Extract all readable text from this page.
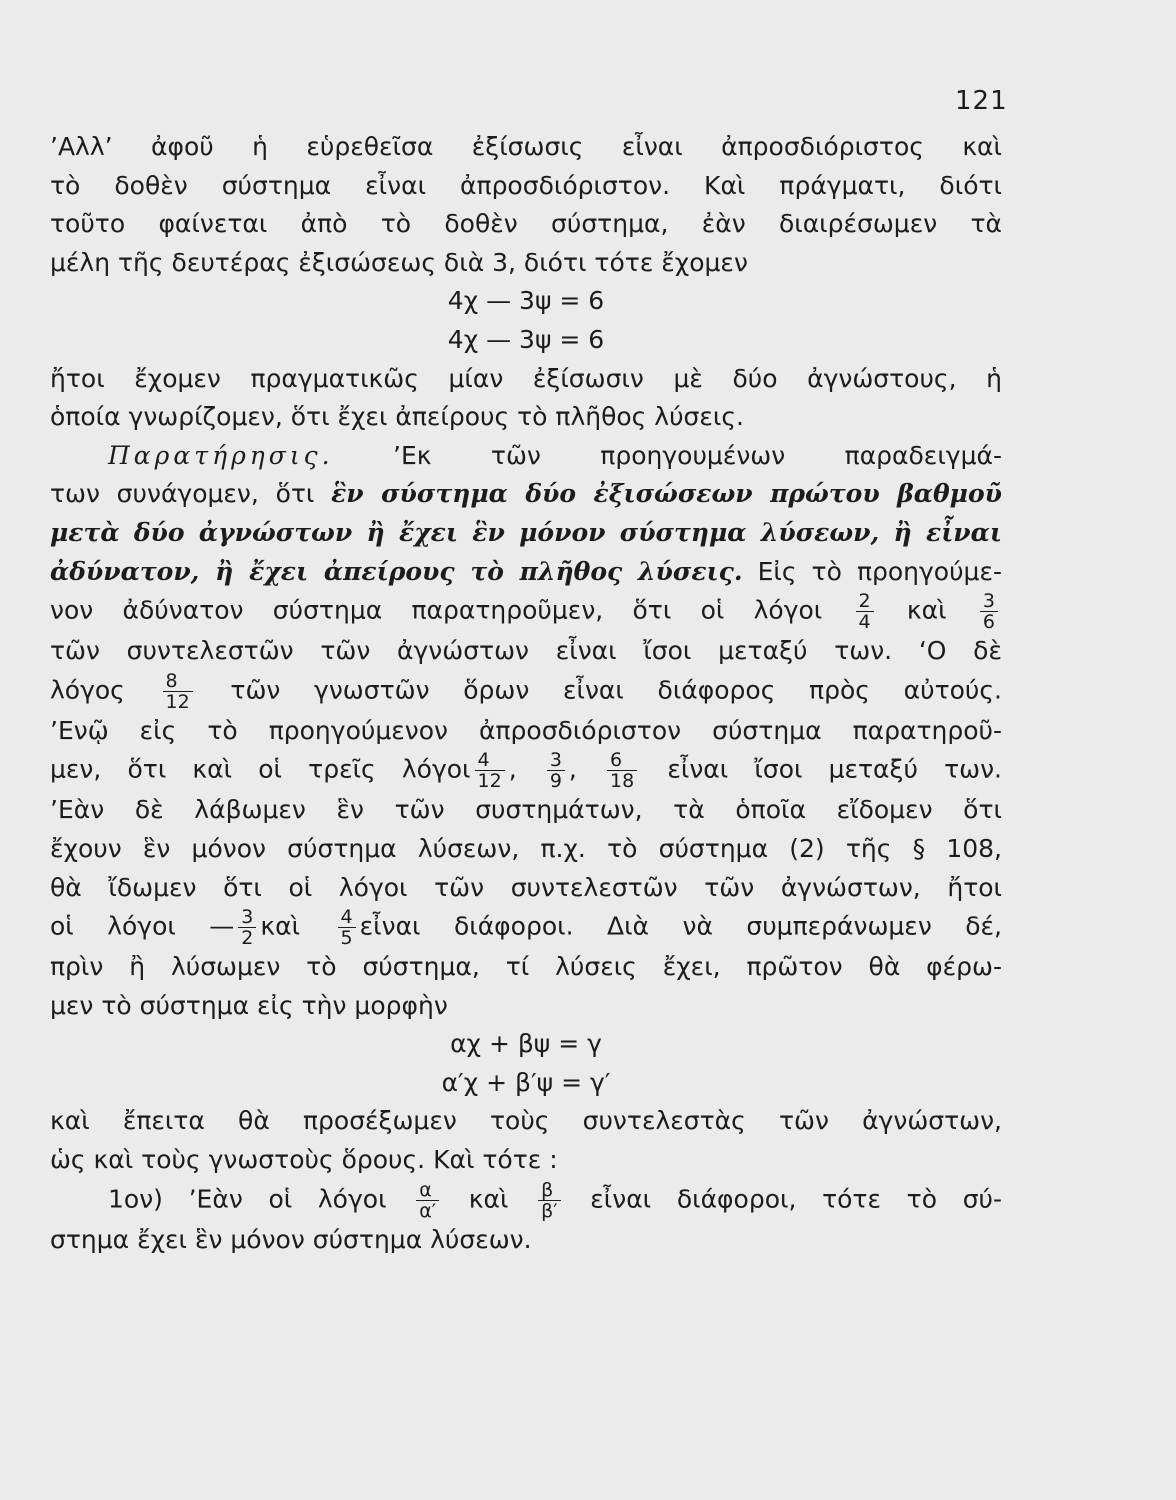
121
’Αλλ’ ἀφοῦ ἡ εὑρεθεῖσα ἐξίσωσις εἶναι ἀπροσδιόριστος καὶ
τὸ δοθὲν σύστημα εἶναι ἀπροσδιόριστον. Καὶ πράγματι, διότι
τοῦτο φαίνεται ἀπὸ τὸ δοθὲν σύστημα, ἐὰν διαιρέσωμεν τὰ
μέλη τῆς δευτέρας ἐξισώσεως διὰ 3, διότι τότε ἔχομεν
4χ — 3ψ = 6
4χ — 3ψ = 6
ἤτοι ἔχομεν πραγματικῶς μίαν ἐξίσωσιν μὲ δύο ἀγνώστους, ἡ
ὁποία γνωρίζομεν, ὅτι ἔχει ἀπείρους τὸ πλῆθος λύσεις.
Παρατήρησις. ’Εκ τῶν προηγουμένων παραδειγμά-
των συνάγομεν, ὅτι ἓν σύστημα δύο ἐξισώσεων πρώτου βαθμοῦ
μετὰ δύο ἀγνώστων ἢ ἔχει ἓν μόνον σύστημα λύσεων, ἢ εἶναι
ἀδύνατον, ἢ ἔχει ἀπείρους τὸ πλῆθος λύσεις. Εἰς τὸ προηγούμε-
νον ἀδύνατον σύστημα παρατηροῦμεν, ὅτι οἱ λόγοι $\frac{2}{4}$ καὶ $\frac{3}{6}$
τῶν συντελεστῶν τῶν ἀγνώστων εἶναι ἴσοι μεταξύ των. ‘Ο δὲ
λόγος $\frac{8}{12}$ τῶν γνωστῶν ὅρων εἶναι διάφορος πρὸς αὐτούς.
’Ενῷ εἰς τὸ προηγούμενον ἀπροσδιόριστον σύστημα παρατηροῦ-
μεν, ὅτι καὶ οἱ τρεῖς λόγοι $\frac{4}{12}$ , $\frac{3}{9}$ , $\frac{6}{18}$ εἶναι ἴσοι μεταξύ των.
’Εὰν δὲ λάβωμεν ἓν τῶν συστημάτων, τὰ ὁποῖα εἴδομεν ὅτι
ἔχουν ἓν μόνον σύστημα λύσεων, π.χ. τὸ σύστημα (2) τῆς § 108,
θὰ ἴδωμεν ὅτι οἱ λόγοι τῶν συντελεστῶν τῶν ἀγνώστων, ἤτοι
οἱ λόγοι — $\frac{3}{2}$ καὶ $\frac{4}{5}$ εἶναι διάφοροι. Διὰ νὰ συμπεράνωμεν δέ,
πρὶν ἢ λύσωμεν τὸ σύστημα, τί λύσεις ἔχει, πρῶτον θὰ φέρω-
μεν τὸ σύστημα εἰς τὴν μορφὴν
αχ + βψ = γ
α′χ + β′ψ = γ′
καὶ ἔπειτα θὰ προσέξωμεν τοὺς συντελεστὰς τῶν ἀγνώστων,
ὡς καὶ τοὺς γνωστοὺς ὅρους. Καὶ τότε :
1ον) ’Εὰν οἱ λόγοι $\frac{\alpha}{\alpha'}$ καὶ $\frac{\beta}{\beta'}$ εἶναι διάφοροι, τότε τὸ σύ-
στημα ἔχει ἓν μόνον σύστημα λύσεων.
